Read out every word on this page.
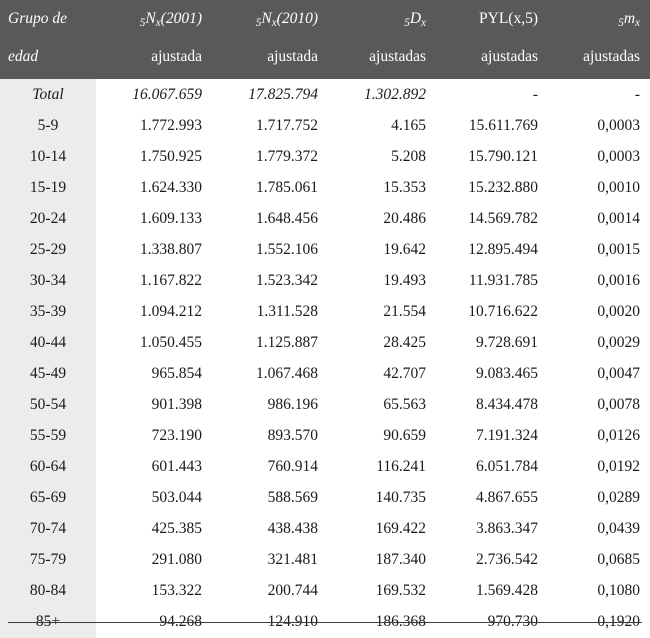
Grupo de	$_5N_x(2001)$	$_5N_x(2010)$	$_5D_x$	PYL(x,5)	$_5m_x$
edad	ajustada	ajustada	ajustadas	ajustadas	ajustadas
Total	16.067.659	17.825.794	1.302.892	-	-
5-9	1.772.993	1.717.752	4.165	15.611.769	0,0003
10-14	1.750.925	1.779.372	5.208	15.790.121	0,0003
15-19	1.624.330	1.785.061	15.353	15.232.880	0,0010
20-24	1.609.133	1.648.456	20.486	14.569.782	0,0014
25-29	1.338.807	1.552.106	19.642	12.895.494	0,0015
30-34	1.167.822	1.523.342	19.493	11.931.785	0,0016
35-39	1.094.212	1.311.528	21.554	10.716.622	0,0020
40-44	1.050.455	1.125.887	28.425	9.728.691	0,0029
45-49	965.854	1.067.468	42.707	9.083.465	0,0047
50-54	901.398	986.196	65.563	8.434.478	0,0078
55-59	723.190	893.570	90.659	7.191.324	0,0126
60-64	601.443	760.914	116.241	6.051.784	0,0192
65-69	503.044	588.569	140.735	4.867.655	0,0289
70-74	425.385	438.438	169.422	3.863.347	0,0439
75-79	291.080	321.481	187.340	2.736.542	0,0685
80-84	153.322	200.744	169.532	1.569.428	0,1080
85+	94.268	124.910	186.368	970.730	0,1920
